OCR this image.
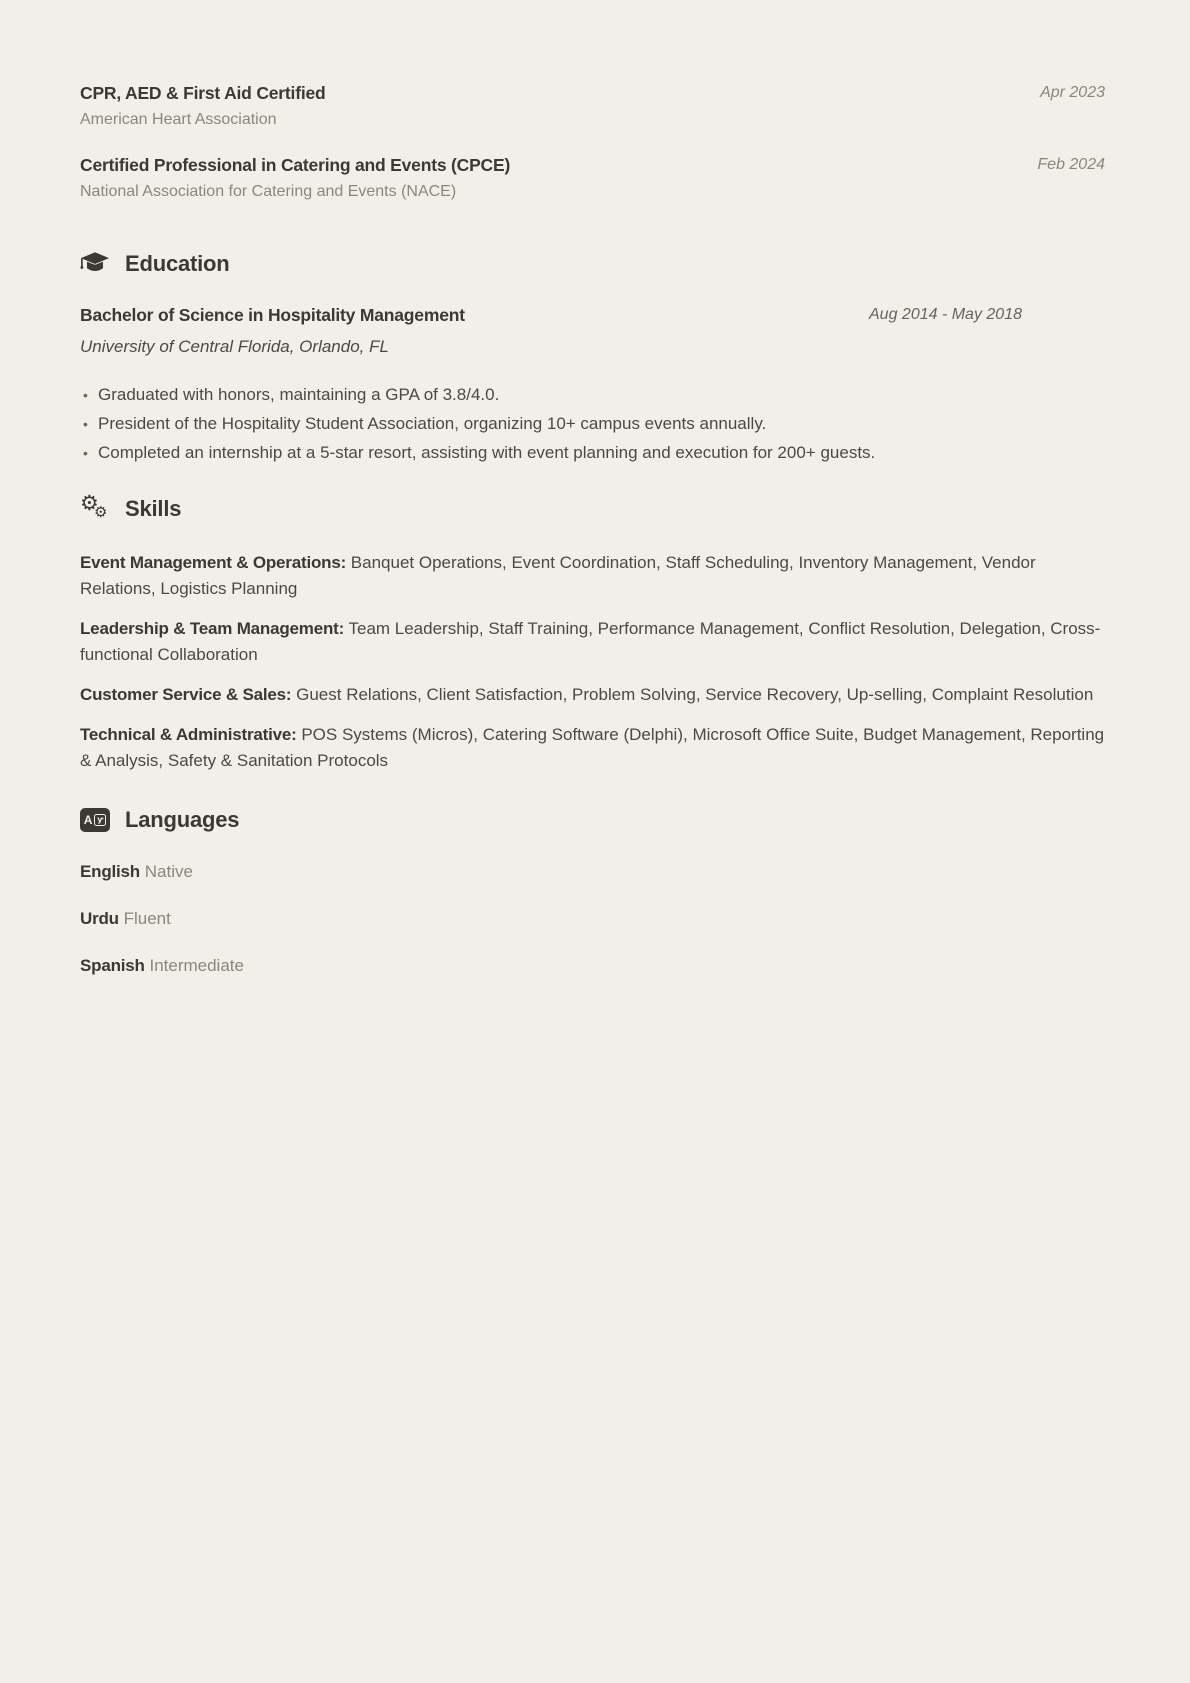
CPR, AED & First Aid Certified
American Heart Association
Apr 2023
Certified Professional in Catering and Events (CPCE)
National Association for Catering and Events (NACE)
Feb 2024
Education
Bachelor of Science in Hospitality Management	Aug 2014 - May 2018
University of Central Florida, Orlando, FL
• Graduated with honors, maintaining a GPA of 3.8/4.0.
• President of the Hospitality Student Association, organizing 10+ campus events annually.
• Completed an internship at a 5-star resort, assisting with event planning and execution for 200+ guests.
⚙
⚙ Skills

Event Management & Operations: Banquet Operations, Event Coordination, Staff Scheduling, Inventory Management, Vendor Relations, Logistics Planning

Leadership & Team Management: Team Leadership, Staff Training, Performance Management, Conflict Resolution, Delegation, Cross-functional Collaboration

Customer Service & Sales: Guest Relations, Client Satisfaction, Problem Solving, Service Recovery, Up-selling, Complaint Resolution

Technical & Administrative: POS Systems (Micros), Catering Software (Delphi), Microsoft Office Suite, Budget Management, Reporting & Analysis, Safety & Sanitation Protocols

A ƴ Languages
English Native
Urdu Fluent
Spanish Intermediate
